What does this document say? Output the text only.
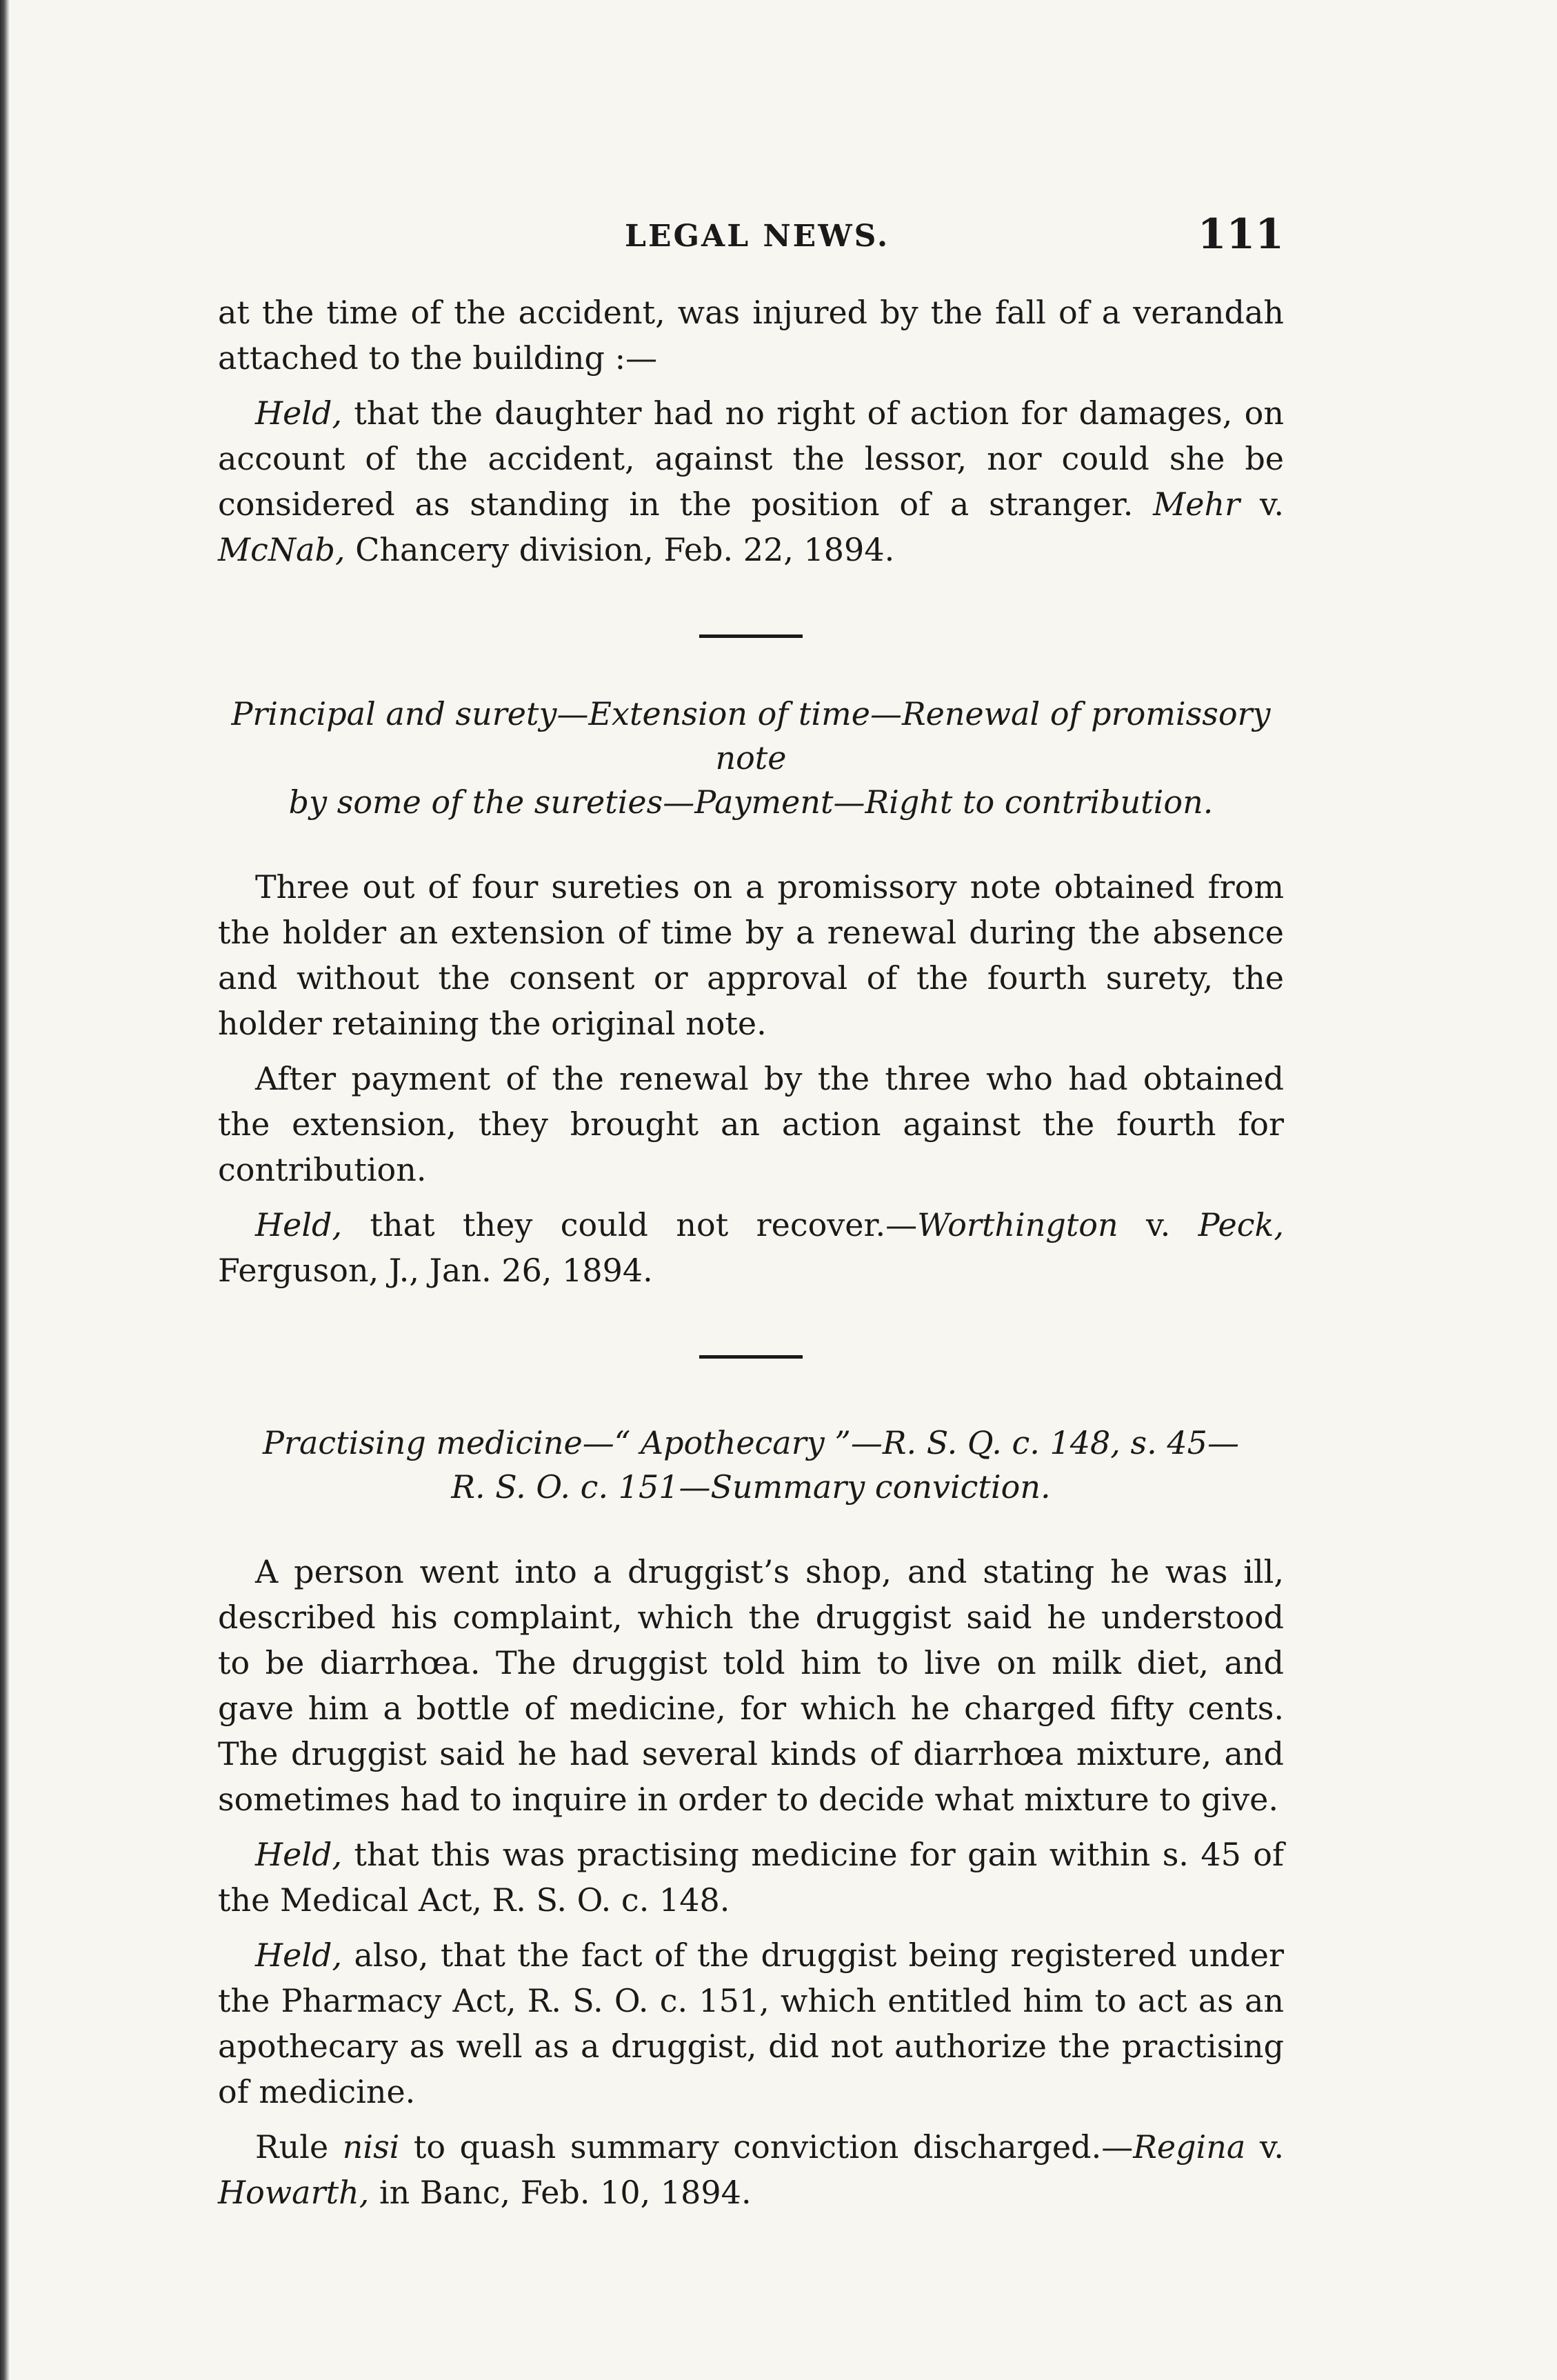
LEGAL NEWS.	111

at the time of the accident, was injured by the fall of a verandah attached to the building :—

Held, that the daughter had no right of action for damages, on account of the accident, against the lessor, nor could she be considered as standing in the position of a stranger. Mehr v. McNab, Chancery division, Feb. 22, 1894.

Principal and surety—Extension of time—Renewal of promissory note
by some of the sureties—Payment—Right to contribution.

Three out of four sureties on a promissory note obtained from the holder an extension of time by a renewal during the absence and without the consent or approval of the fourth surety, the holder retaining the original note.

After payment of the renewal by the three who had obtained the extension, they brought an action against the fourth for contribution.

Held, that they could not recover.—Worthington v. Peck, Ferguson, J., Jan. 26, 1894.

Practising medicine—“ Apothecary ”—R. S. Q. c. 148, s. 45—
R. S. O. c. 151—Summary conviction.

A person went into a druggist’s shop, and stating he was ill, described his complaint, which the druggist said he understood to be diarrhœa. The druggist told him to live on milk diet, and gave him a bottle of medicine, for which he charged fifty cents. The druggist said he had several kinds of diarrhœa mixture, and sometimes had to inquire in order to decide what mixture to give.

Held, that this was practising medicine for gain within s. 45 of the Medical Act, R. S. O. c. 148.

Held, also, that the fact of the druggist being registered under the Pharmacy Act, R. S. O. c. 151, which entitled him to act as an apothecary as well as a druggist, did not authorize the practising of medicine.

Rule nisi to quash summary conviction discharged.—Regina v. Howarth, in Banc, Feb. 10, 1894.
